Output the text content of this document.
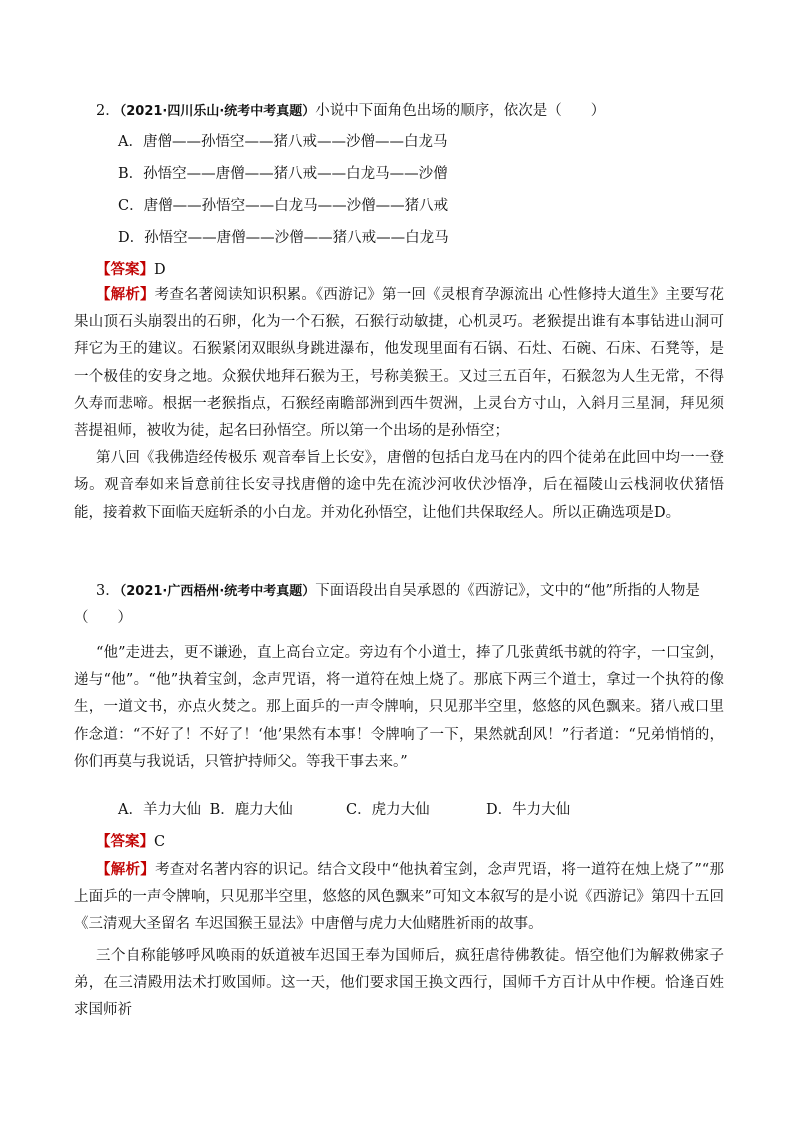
2．（2021·四川乐山·统考中考真题）小说中下面角色出场的顺序，依次是（　　）
A．唐僧——孙悟空——猪八戒——沙僧——白龙马
B．孙悟空——唐僧——猪八戒——白龙马——沙僧
C．唐僧——孙悟空——白龙马——沙僧——猪八戒
D．孙悟空——唐僧——沙僧——猪八戒——白龙马
【答案】D

【解析】考查名著阅读知识积累。《西游记》第一回《灵根育孕源流出 心性修持大道生》主要写花果山顶石头崩裂出的石卵，化为一个石猴，石猴行动敏捷，心机灵巧。老猴提出谁有本事钻进山洞可拜它为王的建议。石猴紧闭双眼纵身跳进瀑布，他发现里面有石锅、石灶、石碗、石床、石凳等，是一个极佳的安身之地。众猴伏地拜石猴为王，号称美猴王。又过三五百年，石猴忽为人生无常，不得久寿而悲啼。根据一老猴指点，石猴经南瞻部洲到西牛贺洲，上灵台方寸山，入斜月三星洞，拜见须菩提祖师，被收为徒，起名曰孙悟空。所以第一个出场的是孙悟空；

第八回《我佛造经传极乐 观音奉旨上长安》，唐僧的包括白龙马在内的四个徒弟在此回中均一一登场。观音奉如来旨意前往长安寻找唐僧的途中先在流沙河收伏沙悟净，后在福陵山云栈洞收伏猪悟能，接着救下面临天庭斩杀的小白龙。并劝化孙悟空，让他们共保取经人。所以正确选项是D。

3．（2021·广西梧州·统考中考真题）下面语段出自吴承恩的《西游记》，文中的“他”所指的人物是
（　　）

“他”走进去，更不谦逊，直上高台立定。旁边有个小道士，捧了几张黄纸书就的符字，一口宝剑，递与“他”。“他”执着宝剑，念声咒语，将一道符在烛上烧了。那底下两三个道士，拿过一个执符的像生，一道文书，亦点火焚之。那上面乒的一声令牌响，只见那半空里，悠悠的风色飘来。猪八戒口里作念道：“不好了！不好了！‘他’果然有本事！令牌响了一下，果然就刮风！”行者道：“兄弟悄悄的，你们再莫与我说话，只管护持师父。等我干事去来。”

A．羊力大仙 B．鹿力大仙	C．虎力大仙	D．牛力大仙
【答案】C

【解析】考查对名著内容的识记。结合文段中“他执着宝剑，念声咒语，将一道符在烛上烧了”“那上面乒的一声令牌响，只见那半空里，悠悠的风色飘来”可知文本叙写的是小说《西游记》第四十五回《三清观大圣留名 车迟国猴王显法》中唐僧与虎力大仙赌胜祈雨的故事。

三个自称能够呼风唤雨的妖道被车迟国王奉为国师后，疯狂虐待佛教徒。悟空他们为解救佛家子弟，在三清殿用法术打败国师。这一天，他们要求国王换文西行，国师千方百计从中作梗。恰逢百姓求国师祈
